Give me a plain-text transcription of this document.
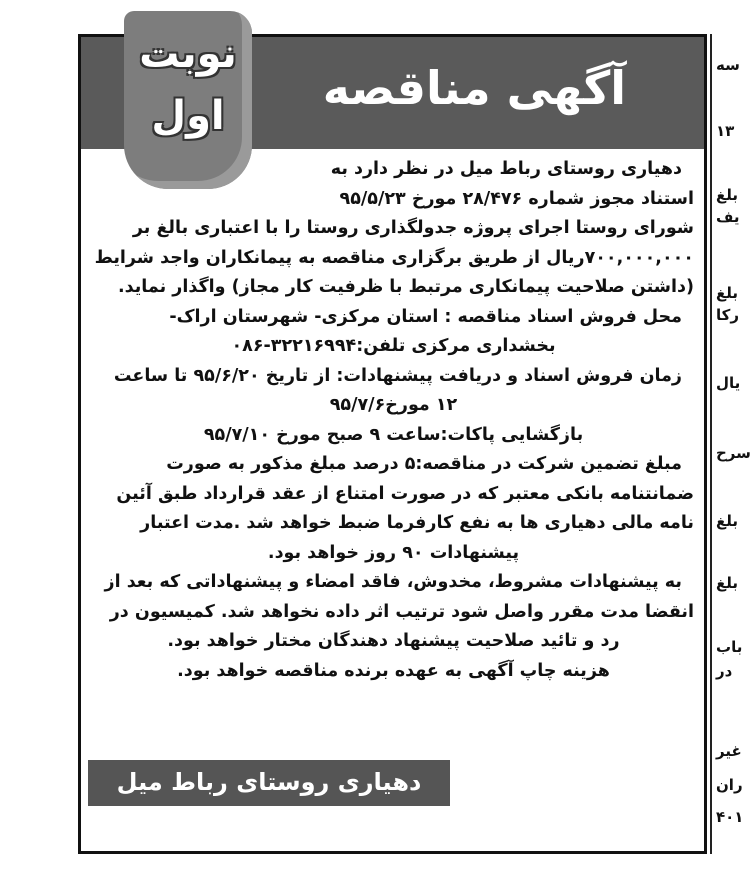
آگهی مناقصه
نوبت
اول

دهیاری روستای رباط میل در نظر دارد به

استناد مجوز شماره ۲۸/۴۷۶ مورخ ۹۵/۵/۲۳

شورای روستا اجرای پروژه جدولگذاری روستا را با اعتباری بالغ بر

۷۰۰,۰۰۰,۰۰۰ریال از طریق برگزاری مناقصه به پیمانکاران واجد شرایط

(داشتن صلاحیت پیمانکاری مرتبط با ظرفیت کار مجاز) واگذار نماید.

محل فروش اسناد مناقصه : استان مرکزی- شهرستان اراک-

بخشداری مرکزی تلفن:۳۲۲۱۶۹۹۴-۰۸۶

زمان فروش اسناد و دریافت پیشنهادات: از تاریخ ۹۵/۶/۲۰ تا ساعت

۱۲ مورخ۹۵/۷/۶

بازگشایی پاکات:ساعت ۹ صبح مورخ ۹۵/۷/۱۰

مبلغ تضمین شرکت در مناقصه:۵ درصد مبلغ مذکور به صورت

ضمانتنامه بانکی معتبر که در صورت امتناع از عقد قرارداد طبق آئین

نامه مالی دهیاری ها به نفع کارفرما ضبط خواهد شد .مدت اعتبار

پیشنهادات ۹۰ روز خواهد بود.

به پیشنهادات مشروط، مخدوش، فاقد امضاء و پیشنهاداتی که بعد از

انقضا مدت مقرر واصل شود ترتیب اثر داده نخواهد شد. کمیسیون در

رد و تائید صلاحیت پیشنهاد دهندگان مختار خواهد بود.

هزینه چاپ آگهی به عهده برنده مناقصه خواهد بود.

دهیاری روستای رباط میل
سه
۱۳
بلغ
یف
بلغ
رکا
یال
سرح
بلغ
بلغ
باب
در
غیر
ران
۴۰۱
